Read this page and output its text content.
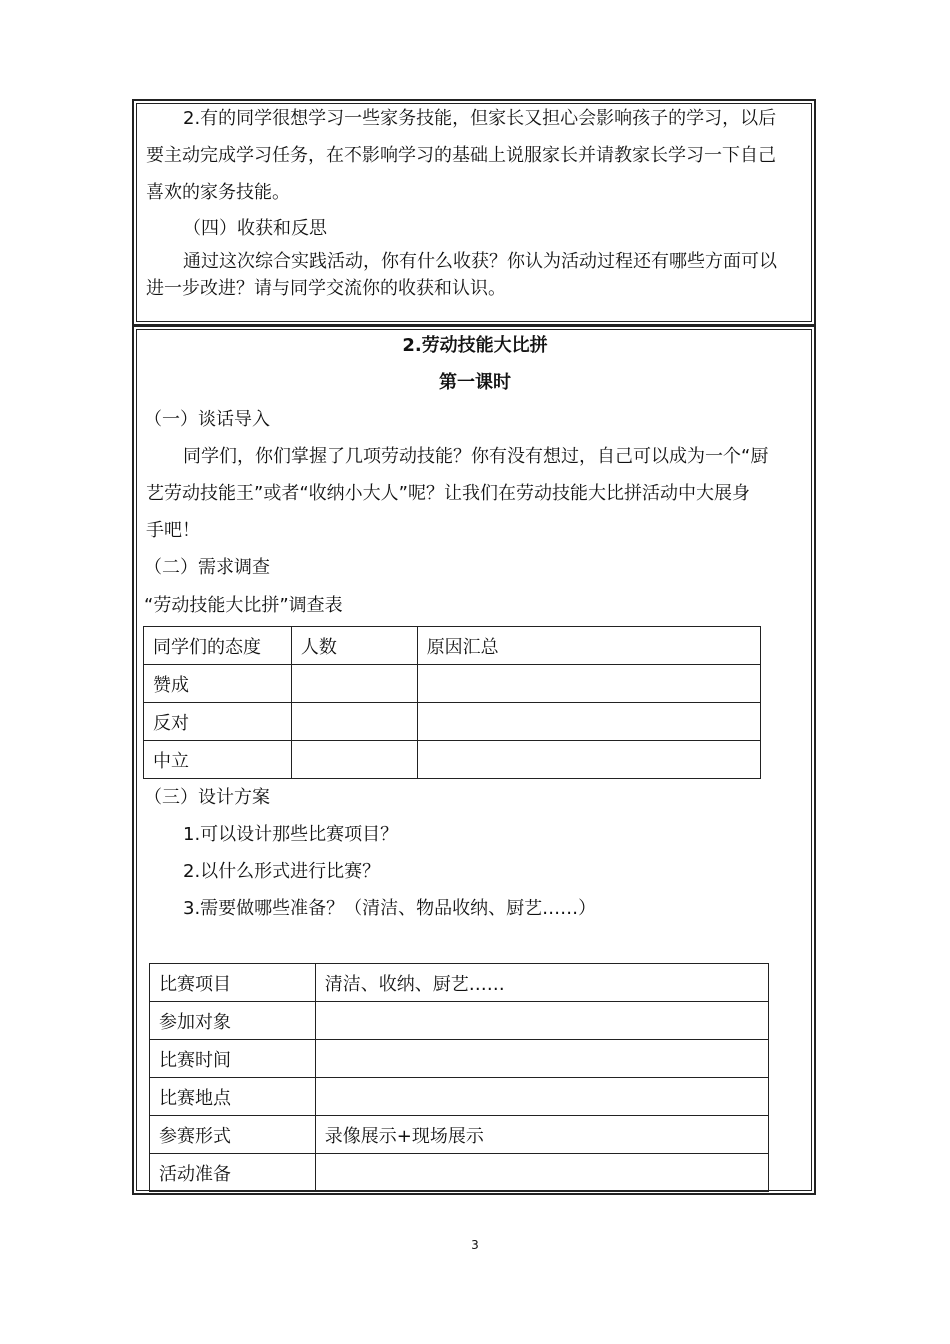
2.有的同学很想学习一些家务技能，但家长又担心会影响孩子的学习，以后
要主动完成学习任务，在不影响学习的基础上说服家长并请教家长学习一下自己
喜欢的家务技能。
（四）收获和反思
通过这次综合实践活动，你有什么收获？你认为活动过程还有哪些方面可以
进一步改进？请与同学交流你的收获和认识。
2.劳动技能大比拼
第一课时
（一）谈话导入
同学们，你们掌握了几项劳动技能？你有没有想过，自己可以成为一个“厨
艺劳动技能王”或者“收纳小大人”呢？让我们在劳动技能大比拼活动中大展身
手吧！
（二）需求调查
“劳动技能大比拼”调查表
同学们的态度	人数	原因汇总
赞成		
反对		
中立		
（三）设计方案
1.可以设计那些比赛项目？
2.以什么形式进行比赛？
3.需要做哪些准备？（清洁、物品收纳、厨艺……）
比赛项目	清洁、收纳、厨艺……
参加对象	
比赛时间	
比赛地点	
参赛形式	录像展示+现场展示
活动准备	
3
